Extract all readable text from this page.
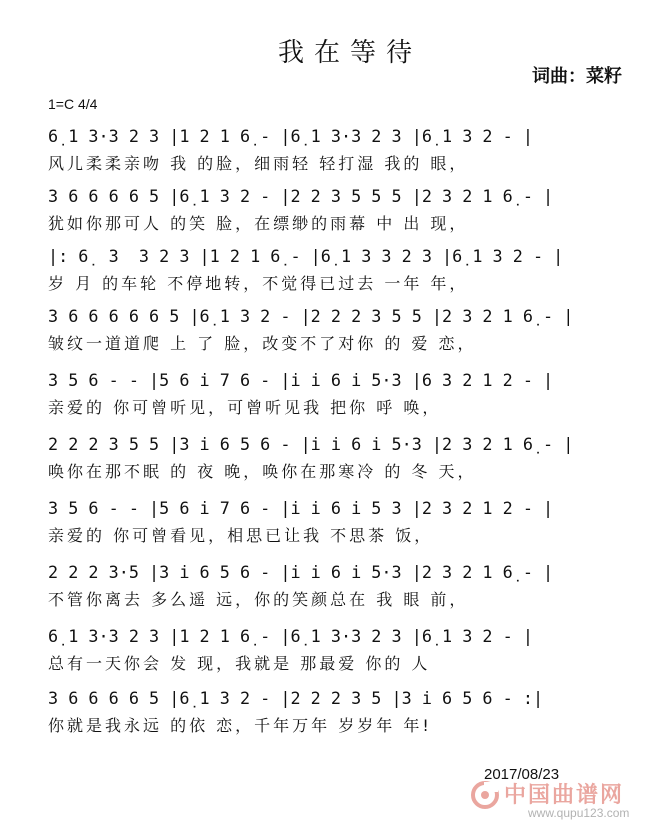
我在等待
词曲：菜籽
1=C 4/4
6̣ 1 3·3 2 3 |1 2 1 6̣ - |6̣ 1 3·3 2 3 |6̣ 1 3 2 - |
风儿柔柔亲吻 我 的脸，细雨轻 轻打湿 我的 眼，
3 6 6 6 6 5 |6̣ 1 3 2 - |2 2 3 5 5 5 |2 3 2 1 6̣ - |
犹如你那可人 的笑 脸，在缥缈的雨幕 中 出 现，
|: 6̣  3  3 2 3 |1 2 1 6̣ - |6̣ 1 3 3 2 3 |6̣ 1 3 2 - |
岁 月 的车轮 不停地转，不觉得已过去 一年 年，
3 6 6 6 6 6 5 |6̣ 1 3 2 - |2 2 2 3 5 5 |2 3 2 1 6̣ - |
皱纹一道道爬 上 了 脸，改变不了对你 的 爱 恋，
3 5 6 - - |5 6 i 7 6 - |i i 6 i 5·3 |6 3 2 1 2 - |
亲爱的 你可曾听见，可曾听见我 把你 呼 唤，
2 2 2 3 5 5 |3 i 6 5 6 - |i i 6 i 5·3 |2 3 2 1 6̣ - |
唤你在那不眠 的 夜 晚，唤你在那寒冷 的 冬 天，
3 5 6 - - |5 6 i 7 6 - |i i 6 i 5 3 |2 3 2 1 2 - |
亲爱的 你可曾看见，相思已让我 不思茶 饭，
2 2 2 3·5 |3 i 6 5 6 - |i i 6 i 5·3 |2 3 2 1 6̣ - |
不管你离去 多么遥 远，你的笑颜总在 我 眼 前，
6̣ 1 3·3 2 3 |1 2 1 6̣ - |6̣ 1 3·3 2 3 |6̣ 1 3 2 - |
总有一天你会 发 现，我就是 那最爱 你的 人
3 6 6 6 6 5 |6̣ 1 3 2 - |2 2 2 3 5 |3 i 6 5 6 - :|
你就是我永远 的依 恋，千年万年 岁岁年 年!
2017/08/23
中国曲谱网
www.qupu123.com
